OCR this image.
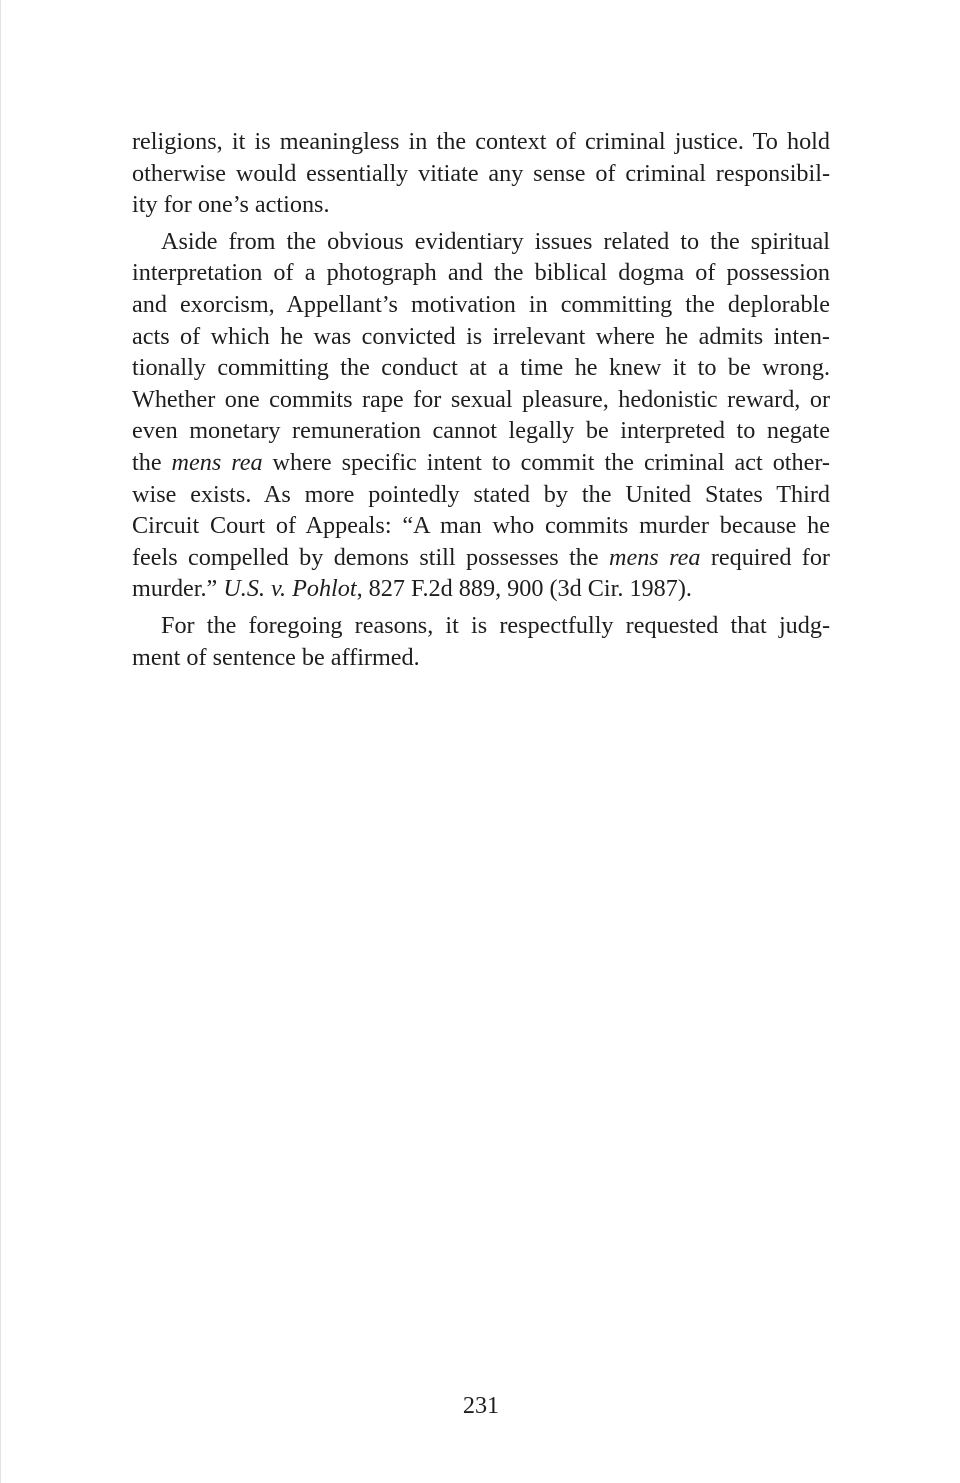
religions, it is meaningless in the context of criminal justice. To hold
otherwise would essentially vitiate any sense of criminal responsibil-
ity for one’s actions.
Aside from the obvious evidentiary issues related to the spiritual
interpretation of a photograph and the biblical dogma of possession
and exorcism, Appellant’s motivation in committing the deplorable
acts of which he was convicted is irrelevant where he admits inten-
tionally committing the conduct at a time he knew it to be wrong.
Whether one commits rape for sexual pleasure, hedonistic reward, or
even monetary remuneration cannot legally be interpreted to negate
the mens rea where specific intent to commit the criminal act other-
wise exists. As more pointedly stated by the United States Third
Circuit Court of Appeals: “A man who commits murder because he
feels compelled by demons still possesses the mens rea required for
murder.” U.S. v. Pohlot, 827 F.2d 889, 900 (3d Cir. 1987).
For the foregoing reasons, it is respectfully requested that judg-
ment of sentence be affirmed.
231
